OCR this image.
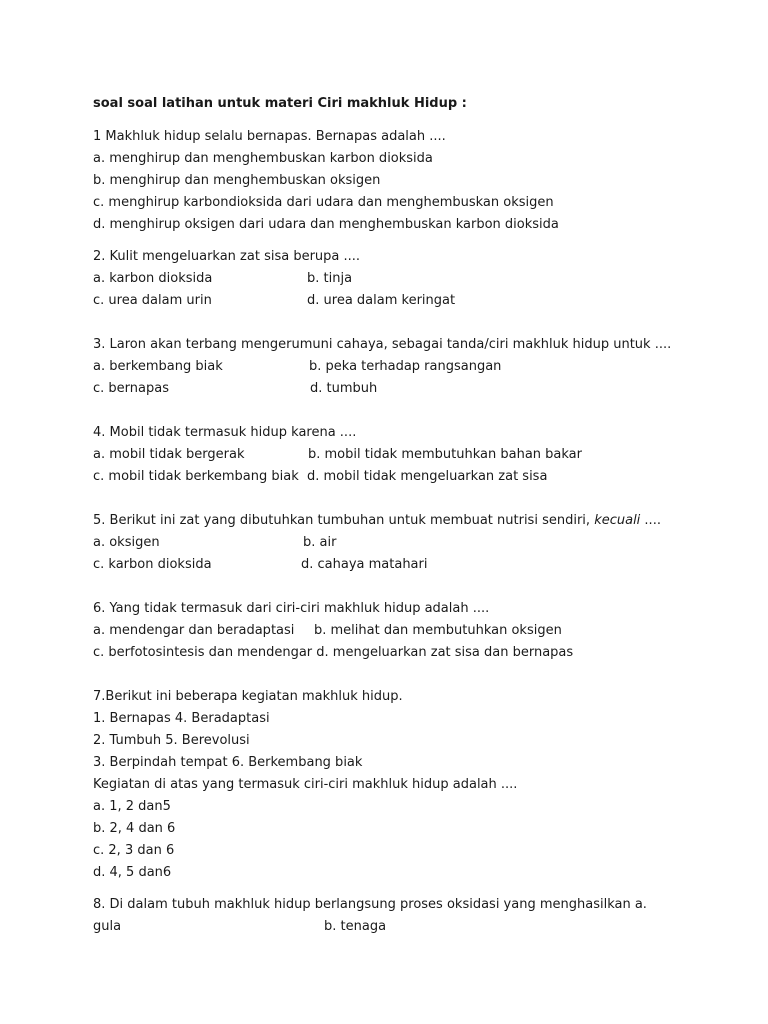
soal soal latihan untuk materi Ciri makhluk Hidup :
1 Makhluk hidup selalu bernapas. Bernapas adalah ....
a. menghirup dan menghembuskan karbon dioksida
b. menghirup dan menghembuskan oksigen
c. menghirup karbondioksida dari udara dan menghembuskan oksigen
d. menghirup oksigen dari udara dan menghembuskan karbon dioksida
2. Kulit mengeluarkan zat sisa berupa ....
a. karbon dioksida	b. tinja
c. urea dalam urin	d. urea dalam keringat
3. Laron akan terbang mengerumuni cahaya, sebagai tanda/ciri makhluk hidup untuk ....
a. berkembang biak	b. peka terhadap rangsangan
c. bernapas	d. tumbuh
4. Mobil tidak termasuk hidup karena ....
a. mobil tidak bergerak	b. mobil tidak membutuhkan bahan bakar
c. mobil tidak berkembang biak d. mobil tidak mengeluarkan zat sisa
5. Berikut ini zat yang dibutuhkan tumbuhan untuk membuat nutrisi sendiri, kecuali ....
a. oksigen	b. air
c. karbon dioksida	d. cahaya matahari
6. Yang tidak termasuk dari ciri-ciri makhluk hidup adalah ....
a. mendengar dan beradaptasi b. melihat dan membutuhkan oksigen
c. berfotosintesis dan mendengar d. mengeluarkan zat sisa dan bernapas
7.Berikut ini beberapa kegiatan makhluk hidup.
1. Bernapas 4. Beradaptasi
2. Tumbuh 5. Berevolusi
3. Berpindah tempat 6. Berkembang biak
Kegiatan di atas yang termasuk ciri-ciri makhluk hidup adalah ....
a. 1, 2 dan5
b. 2, 4 dan 6
c. 2, 3 dan 6
d. 4, 5 dan6
8. Di dalam tubuh makhluk hidup berlangsung proses oksidasi yang menghasilkan a.
gula	b. tenaga
